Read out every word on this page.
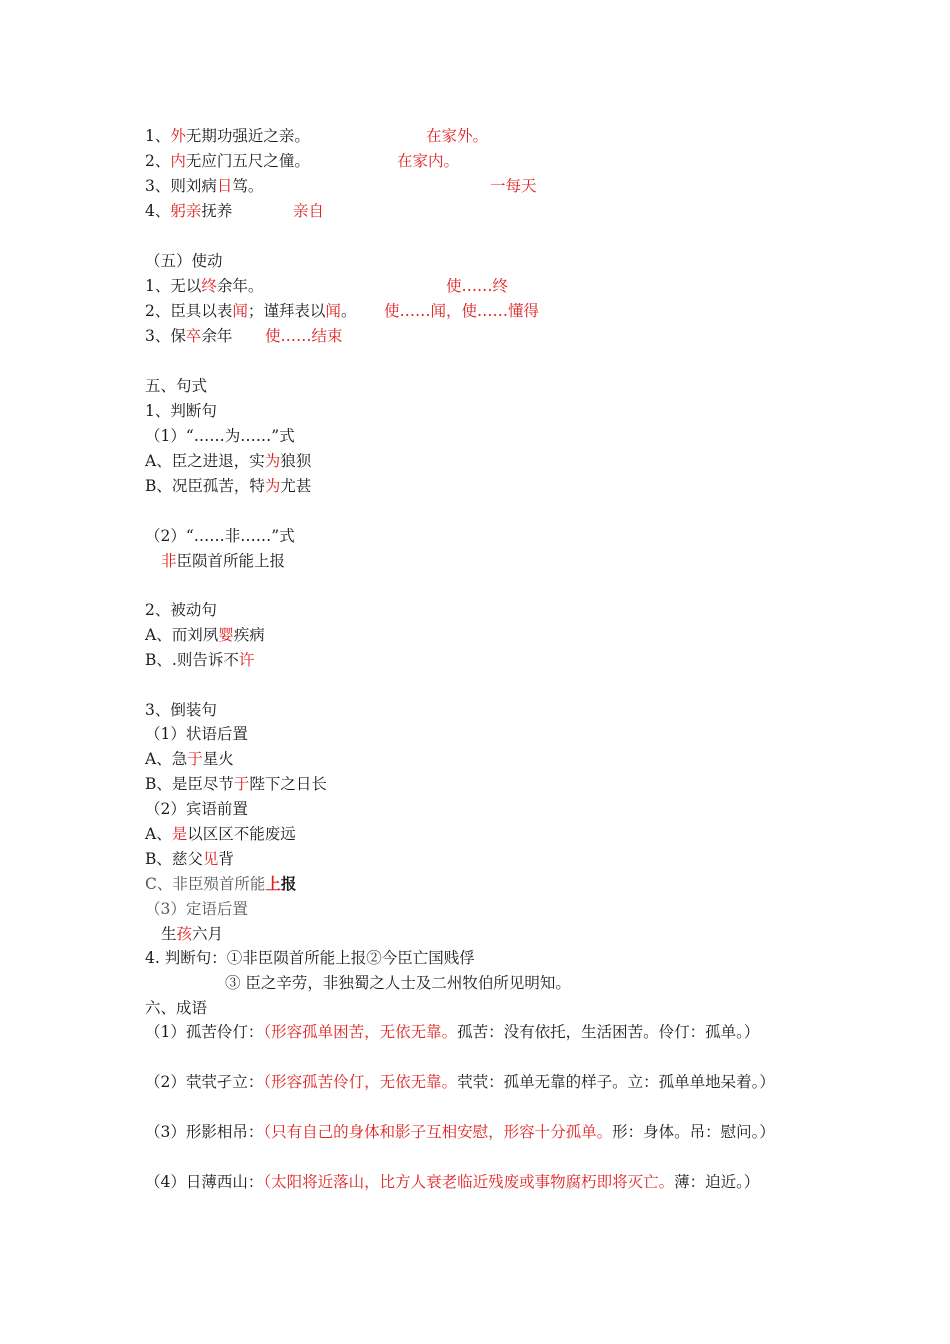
1、外无期功强近之亲。	在家外。
2、内无应门五尺之僮。	在家内。
3、则刘病日笃。	一每天
4、躬亲抚养	亲自
（五）使动
1、无以终余年。	使……终
2、臣具以表闻；谨拜表以闻。 使……闻，使……懂得
3、保卒余年 使……结束
五、句式
1、判断句
（1）“……为……”式
A、臣之进退，实为狼狈
B、况臣孤苦，特为尤甚
（2）“……非……”式
非臣陨首所能上报
2、被动句
A、而刘夙婴疾病
B、.则告诉不许
3、倒装句
（1）状语后置
A、急于星火
B、是臣尽节于陛下之日长
（2）宾语前置
A、是以区区不能废远
B、慈父见背
C、非臣殒首所能上报
（3）定语后置
生孩六月
4. 判断句：①非臣陨首所能上报②今臣亡国贱俘
③ 臣之辛劳，非独蜀之人士及二州牧伯所见明知。
六、成语
（1）孤苦伶仃：（形容孤单困苦，无依无靠。孤苦：没有依托，生活困苦。伶仃：孤单。）
（2）茕茕孑立：（形容孤苦伶仃，无依无靠。茕茕：孤单无靠的样子。立：孤单单地呆着。）
（3）形影相吊：（只有自己的身体和影子互相安慰，形容十分孤单。形：身体。吊：慰问。）
（4）日薄西山：（太阳将近落山，比方人衰老临近残废或事物腐朽即将灭亡。薄：迫近。）
